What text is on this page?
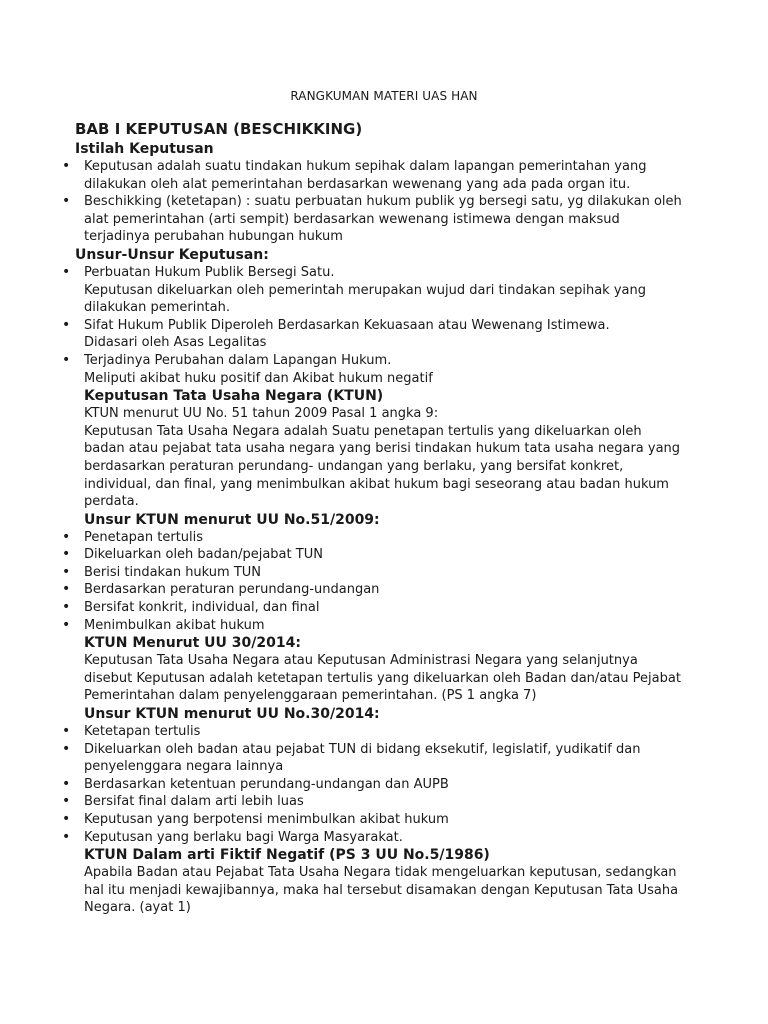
RANGKUMAN MATERI UAS HAN
BAB I KEPUTUSAN (BESCHIKKING)
Istilah Keputusan
• Keputusan adalah suatu tindakan hukum sepihak dalam lapangan pemerintahan yang dilakukan oleh alat pemerintahan berdasarkan wewenang yang ada pada organ itu.
• Beschikking (ketetapan) : suatu perbuatan hukum publik yg bersegi satu, yg dilakukan oleh alat pemerintahan (arti sempit) berdasarkan wewenang istimewa dengan maksud terjadinya perubahan hubungan hukum
Unsur-Unsur Keputusan:
• Perbuatan Hukum Publik Bersegi Satu.
Keputusan dikeluarkan oleh pemerintah merupakan wujud dari tindakan sepihak yang dilakukan pemerintah.
• Sifat Hukum Publik Diperoleh Berdasarkan Kekuasaan atau Wewenang Istimewa.
Didasari oleh Asas Legalitas
• Terjadinya Perubahan dalam Lapangan Hukum.
Meliputi akibat huku positif dan Akibat hukum negatif
Keputusan Tata Usaha Negara (KTUN)

KTUN menurut UU No. 51 tahun 2009 Pasal 1 angka 9:

Keputusan Tata Usaha Negara adalah Suatu penetapan tertulis yang dikeluarkan oleh badan atau pejabat tata usaha negara yang berisi tindakan hukum tata usaha negara yang berdasarkan peraturan perundang- undangan yang berlaku, yang bersifat konkret, individual, dan final, yang menimbulkan akibat hukum bagi seseorang atau badan hukum perdata.

Unsur KTUN menurut UU No.51/2009:
• Penetapan tertulis
• Dikeluarkan oleh badan/pejabat TUN
• Berisi tindakan hukum TUN
• Berdasarkan peraturan perundang-undangan
• Bersifat konkrit, individual, dan final
• Menimbulkan akibat hukum
KTUN Menurut UU 30/2014:

Keputusan Tata Usaha Negara atau Keputusan Administrasi Negara yang selanjutnya disebut Keputusan adalah ketetapan tertulis yang dikeluarkan oleh Badan dan/atau Pejabat Pemerintahan dalam penyelenggaraan pemerintahan. (PS 1 angka 7)

Unsur KTUN menurut UU No.30/2014:
• Ketetapan tertulis
• Dikeluarkan oleh badan atau pejabat TUN di bidang eksekutif, legislatif, yudikatif dan penyelenggara negara lainnya
• Berdasarkan ketentuan perundang-undangan dan AUPB
• Bersifat final dalam arti lebih luas
• Keputusan yang berpotensi menimbulkan akibat hukum
• Keputusan yang berlaku bagi Warga Masyarakat.
KTUN Dalam arti Fiktif Negatif (PS 3 UU No.5/1986)

Apabila Badan atau Pejabat Tata Usaha Negara tidak mengeluarkan keputusan, sedangkan hal itu menjadi kewajibannya, maka hal tersebut disamakan dengan Keputusan Tata Usaha Negara. (ayat 1)
